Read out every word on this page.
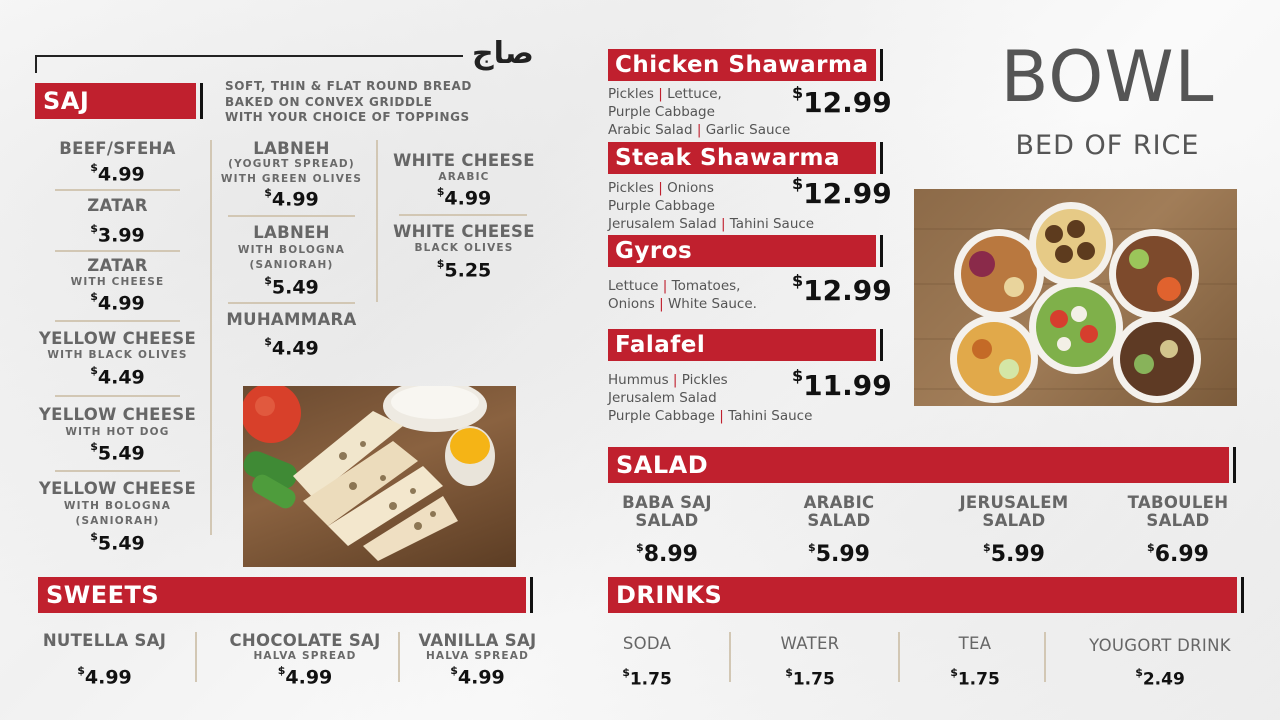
صاج
SAJ
SOFT, THIN & FLAT ROUND BREAD
BAKED ON CONVEX GRIDDLE
WITH YOUR CHOICE OF TOPPINGS
BEEF/SFEHA
$4.99
ZATAR
$3.99
ZATAR
WITH CHEESE
$4.99
YELLOW CHEESE
WITH BLACK OLIVES
$4.49
YELLOW CHEESE
WITH HOT DOG
$5.49
YELLOW CHEESE
WITH BOLOGNA
(SANIORAH)
$5.49
LABNEH
(YOGURT SPREAD)
WITH GREEN OLIVES
$4.99
LABNEH
WITH BOLOGNA
(SANIORAH)
$5.49
MUHAMMARA
$4.49
WHITE CHEESE
ARABIC
$4.99
WHITE CHEESE
BLACK OLIVES
$5.25
SWEETS
NUTELLA SAJ
$4.99
CHOCOLATE SAJ
HALVA SPREAD
$4.99
VANILLA SAJ
HALVA SPREAD
$4.99
Chicken Shawarma
Pickles | Lettuce,
Purple Cabbage
Arabic Salad | Garlic Sauce
$12.99
Steak Shawarma
Pickles | Onions
Purple Cabbage
Jerusalem Salad | Tahini Sauce
$12.99
Gyros
Lettuce | Tomatoes,
Onions | White Sauce.
$12.99
Falafel
Hummus | Pickles
Jerusalem Salad
Purple Cabbage | Tahini Sauce
$11.99
BOWL
BED OF RICE
SALAD
BABA SAJ
SALAD
$8.99
ARABIC
SALAD
$5.99
JERUSALEM
SALAD
$5.99
TABOULEH
SALAD
$6.99
DRINKS
SODA
$1.75
WATER
$1.75
TEA
$1.75
YOUGORT DRINK
$2.49
